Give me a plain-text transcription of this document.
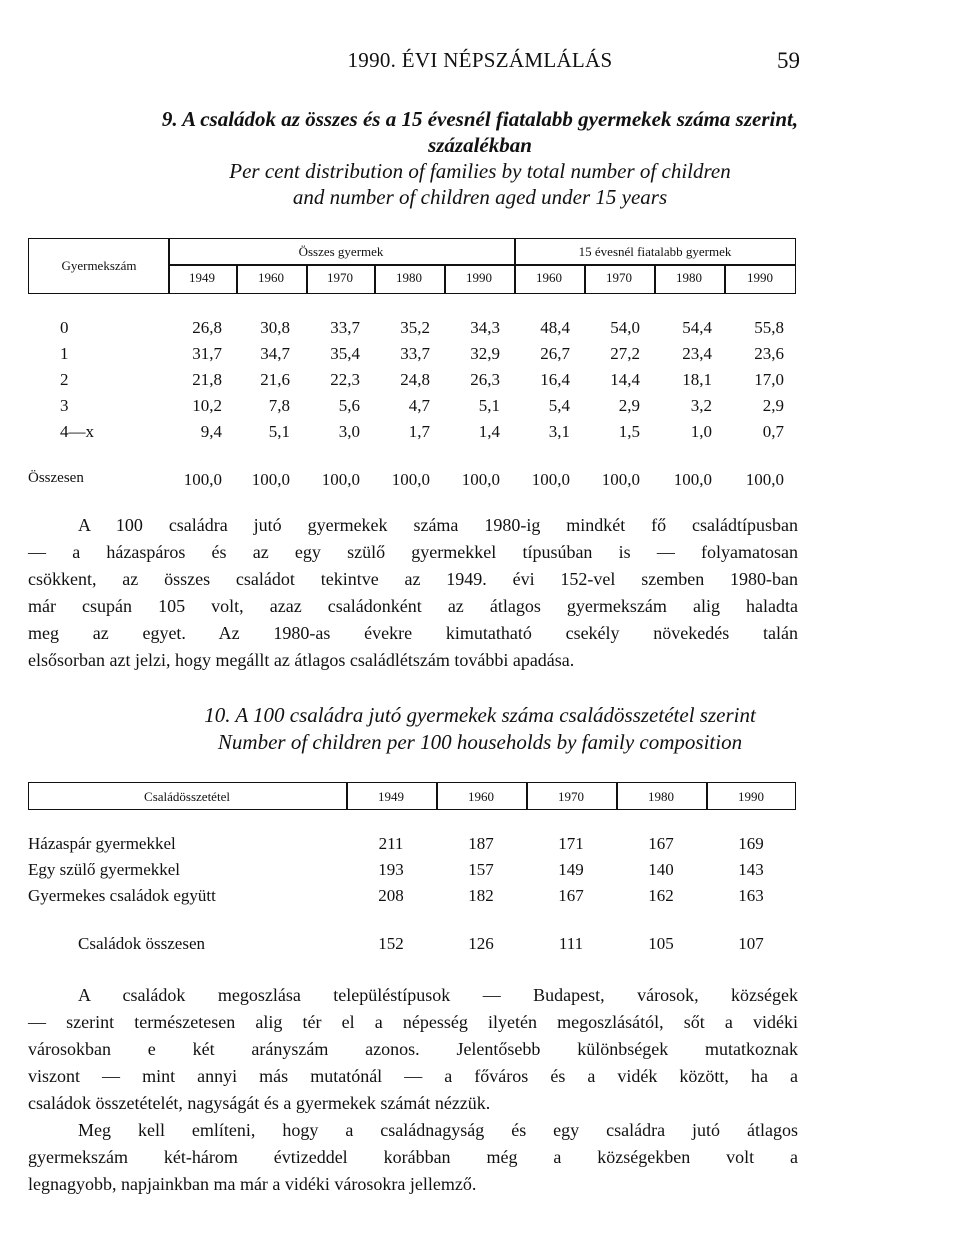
1990. ÉVI NÉPSZÁMLÁLÁS	59
9. A családok az összes és a 15 évesnél fiatalabb gyermekek száma szerint,
százalékban
Per cent distribution of families by total number of children
and number of children aged under 15 years
Gyermekszám
Összes gyermek	15 évesnél fiatalabb gyermek
1949	1960	1970	1980	1990	1960	1970	1980	1990
0	26,8	30,8	33,7	35,2	34,3	48,4	54,0	54,4	55,8
1	31,7	34,7	35,4	33,7	32,9	26,7	27,2	23,4	23,6
2	21,8	21,6	22,3	24,8	26,3	16,4	14,4	18,1	17,0
3	10,2	7,8	5,6	4,7	5,1	5,4	2,9	3,2	2,9
4—x	9,4	5,1	3,0	1,7	1,4	3,1	1,5	1,0	0,7
Összesen	100,0	100,0	100,0	100,0	100,0	100,0	100,0	100,0	100,0
A 100 családra jutó gyermekek száma 1980-ig mindkét fő családtípusban
— a házaspáros és az egy szülő gyermekkel típusúban is — folyamatosan
csökkent, az összes családot tekintve az 1949. évi 152-vel szemben 1980-ban
már csupán 105 volt, azaz családonként az átlagos gyermekszám alig haladta
meg az egyet. Az 1980-as évekre kimutatható csekély növekedés talán
elsősorban azt jelzi, hogy megállt az átlagos családlétszám további apadása.
10. A 100 családra jutó gyermekek száma családösszetétel szerint
Number of children per 100 households by family composition
Családösszetétel	1949	1960	1970	1980	1990
Házaspár gyermekkel	211	187	171	167	169
Egy szülő gyermekkel	193	157	149	140	143
Gyermekes családok együtt	208	182	167	162	163
Családok összesen	152	126	111	105	107
A családok megoszlása településtípusok — Budapest, városok, községek
— szerint természetesen alig tér el a népesség ilyetén megoszlásától, sőt a vidéki
városokban e két arányszám azonos. Jelentősebb különbségek mutatkoznak
viszont — mint annyi más mutatónál — a főváros és a vidék között, ha a
családok összetételét, nagyságát és a gyermekek számát nézzük.
Meg kell említeni, hogy a családnagyság és egy családra jutó átlagos
gyermekszám két-három évtizeddel korábban még a községekben volt a
legnagyobb, napjainkban ma már a vidéki városokra jellemző.
